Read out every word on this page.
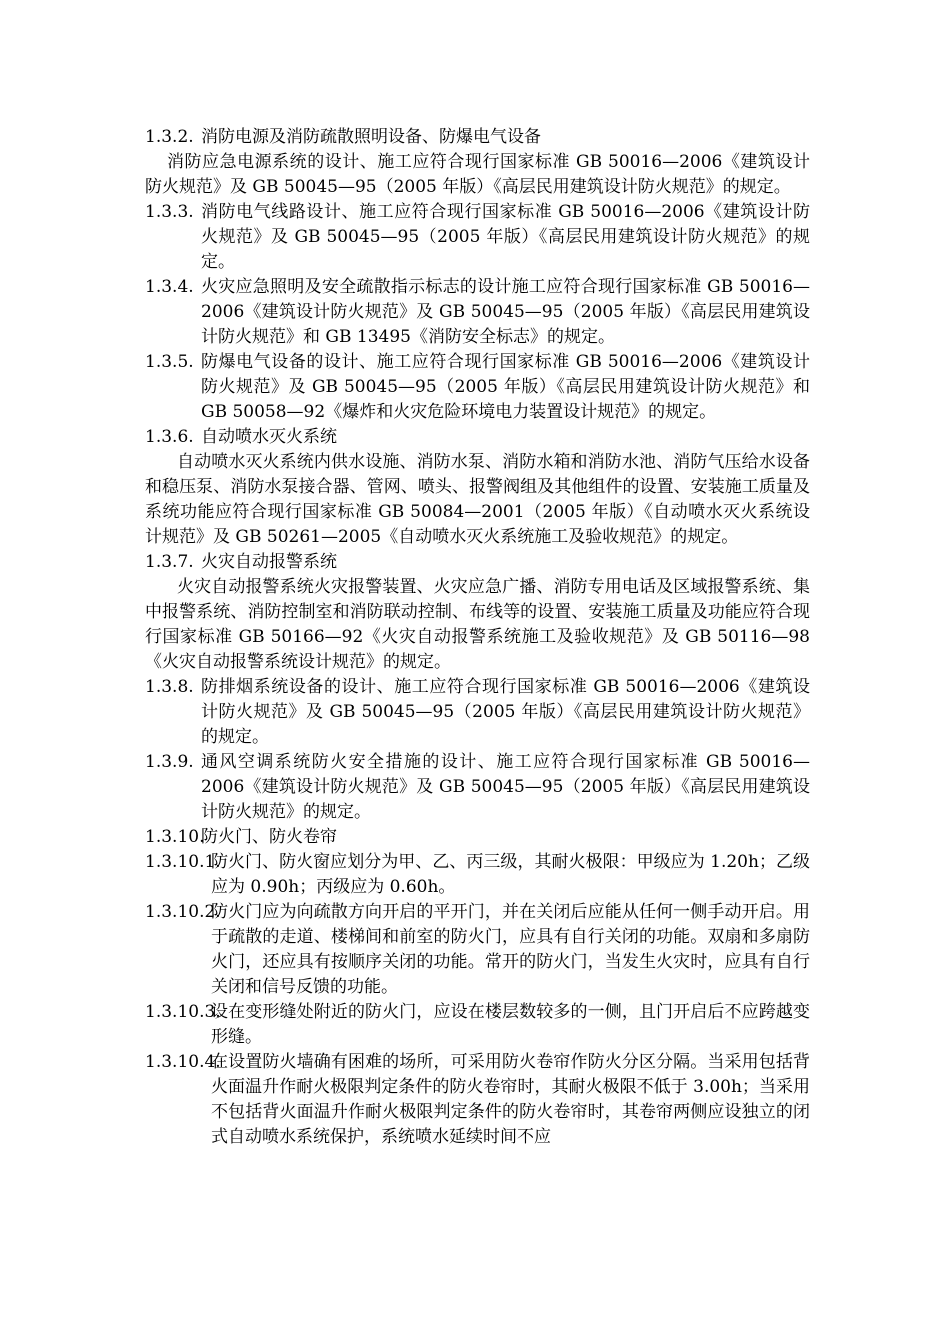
1.3.2. 消防电源及消防疏散照明设备、防爆电气设备
消防应急电源系统的设计、施工应符合现行国家标准 GB 50016—2006《建筑设计防火规范》及 GB 50045—95（2005 年版）《高层民用建筑设计防火规范》的规定。
1.3.3. 消防电气线路设计、施工应符合现行国家标准 GB 50016—2006《建筑设计防火规范》及 GB 50045—95（2005 年版）《高层民用建筑设计防火规范》的规定。
1.3.4. 火灾应急照明及安全疏散指示标志的设计施工应符合现行国家标准 GB 50016—2006《建筑设计防火规范》及 GB 50045—95（2005 年版）《高层民用建筑设计防火规范》和 GB 13495《消防安全标志》的规定。
1.3.5. 防爆电气设备的设计、施工应符合现行国家标准 GB 50016—2006《建筑设计防火规范》及 GB 50045—95（2005 年版）《高层民用建筑设计防火规范》和 GB 50058—92《爆炸和火灾危险环境电力装置设计规范》的规定。
1.3.6. 自动喷水灭火系统
自动喷水灭火系统内供水设施、消防水泵、消防水箱和消防水池、消防气压给水设备和稳压泵、消防水泵接合器、管网、喷头、报警阀组及其他组件的设置、安装施工质量及系统功能应符合现行国家标准 GB 50084—2001（2005 年版）《自动喷水灭火系统设计规范》及 GB 50261—2005《自动喷水灭火系统施工及验收规范》的规定。
1.3.7. 火灾自动报警系统
火灾自动报警系统火灾报警装置、火灾应急广播、消防专用电话及区域报警系统、集中报警系统、消防控制室和消防联动控制、布线等的设置、安装施工质量及功能应符合现行国家标准 GB 50166—92《火灾自动报警系统施工及验收规范》及 GB 50116—98《火灾自动报警系统设计规范》的规定。
1.3.8. 防排烟系统设备的设计、施工应符合现行国家标准 GB 50016—2006《建筑设计防火规范》及 GB 50045—95（2005 年版）《高层民用建筑设计防火规范》的规定。
1.3.9. 通风空调系统防火安全措施的设计、施工应符合现行国家标准 GB 50016—2006《建筑设计防火规范》及 GB 50045—95（2005 年版）《高层民用建筑设计防火规范》的规定。
1.3.10.
防火门、防火卷帘
1.3.10.1.
防火门、防火窗应划分为甲、乙、丙三级，其耐火极限：甲级应为 1.20h；乙级应为 0.90h；丙级应为 0.60h。
1.3.10.2.
防火门应为向疏散方向开启的平开门，并在关闭后应能从任何一侧手动开启。用于疏散的走道、楼梯间和前室的防火门，应具有自行关闭的功能。双扇和多扇防火门，还应具有按顺序关闭的功能。常开的防火门，当发生火灾时，应具有自行关闭和信号反馈的功能。
1.3.10.3.
设在变形缝处附近的防火门，应设在楼层数较多的一侧，且门开启后不应跨越变形缝。
1.3.10.4.
在设置防火墙确有困难的场所，可采用防火卷帘作防火分区分隔。当采用包括背火面温升作耐火极限判定条件的防火卷帘时，其耐火极限不低于 3.00h；当采用不包括背火面温升作耐火极限判定条件的防火卷帘时，其卷帘两侧应设独立的闭式自动喷水系统保护，系统喷水延续时间不应
